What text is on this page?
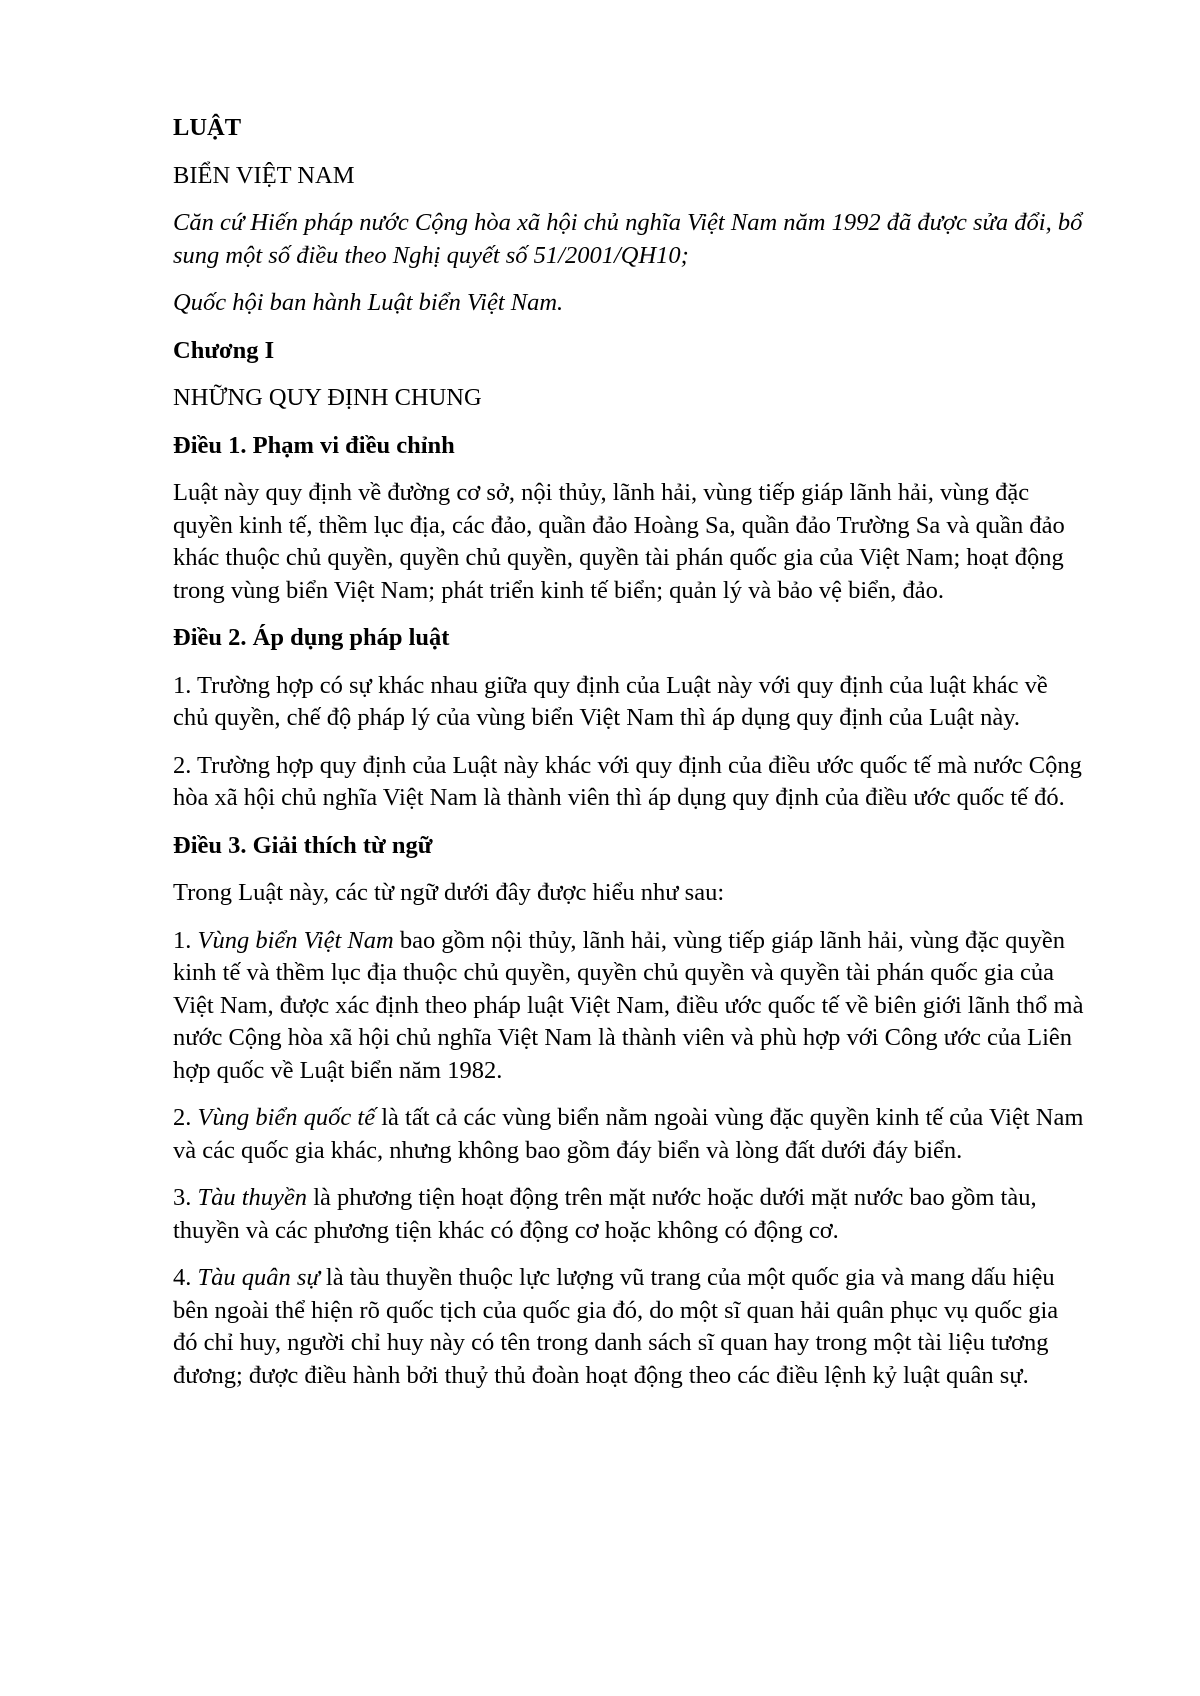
LUẬT

BIỂN VIỆT NAM

Căn cứ Hiến pháp nước Cộng hòa xã hội chủ nghĩa Việt Nam năm 1992 đã được sửa đổi, bổ sung một số điều theo Nghị quyết số 51/2001/QH10;

Quốc hội ban hành Luật biển Việt Nam.

Chương I

NHỮNG QUY ĐỊNH CHUNG

Điều 1. Phạm vi điều chỉnh

Luật này quy định về đường cơ sở, nội thủy, lãnh hải, vùng tiếp giáp lãnh hải, vùng đặc quyền kinh tế, thềm lục địa, các đảo, quần đảo Hoàng Sa, quần đảo Trường Sa và quần đảo khác thuộc chủ quyền, quyền chủ quyền, quyền tài phán quốc gia của Việt Nam; hoạt động trong vùng biển Việt Nam; phát triển kinh tế biển; quản lý và bảo vệ biển, đảo.

Điều 2. Áp dụng pháp luật

1. Trường hợp có sự khác nhau giữa quy định của Luật này với quy định của luật khác về chủ quyền, chế độ pháp lý của vùng biển Việt Nam thì áp dụng quy định của Luật này.

2. Trường hợp quy định của Luật này khác với quy định của điều ước quốc tế mà nước Cộng hòa xã hội chủ nghĩa Việt Nam là thành viên thì áp dụng quy định của điều ước quốc tế đó.

Điều 3. Giải thích từ ngữ

Trong Luật này, các từ ngữ dưới đây được hiểu như sau:

1. Vùng biển Việt Nam bao gồm nội thủy, lãnh hải, vùng tiếp giáp lãnh hải, vùng đặc quyền kinh tế và thềm lục địa thuộc chủ quyền, quyền chủ quyền và quyền tài phán quốc gia của Việt Nam, được xác định theo pháp luật Việt Nam, điều ước quốc tế về biên giới lãnh thổ mà nước Cộng hòa xã hội chủ nghĩa Việt Nam là thành viên và phù hợp với Công ước của Liên hợp quốc về Luật biển năm 1982.

2. Vùng biển quốc tế là tất cả các vùng biển nằm ngoài vùng đặc quyền kinh tế của Việt Nam và các quốc gia khác, nhưng không bao gồm đáy biển và lòng đất dưới đáy biển.

3. Tàu thuyền là phương tiện hoạt động trên mặt nước hoặc dưới mặt nước bao gồm tàu, thuyền và các phương tiện khác có động cơ hoặc không có động cơ.

4. Tàu quân sự là tàu thuyền thuộc lực lượng vũ trang của một quốc gia và mang dấu hiệu bên ngoài thể hiện rõ quốc tịch của quốc gia đó, do một sĩ quan hải quân phục vụ quốc gia đó chỉ huy, người chỉ huy này có tên trong danh sách sĩ quan hay trong một tài liệu tương đương; được điều hành bởi thuỷ thủ đoàn hoạt động theo các điều lệnh kỷ luật quân sự.
